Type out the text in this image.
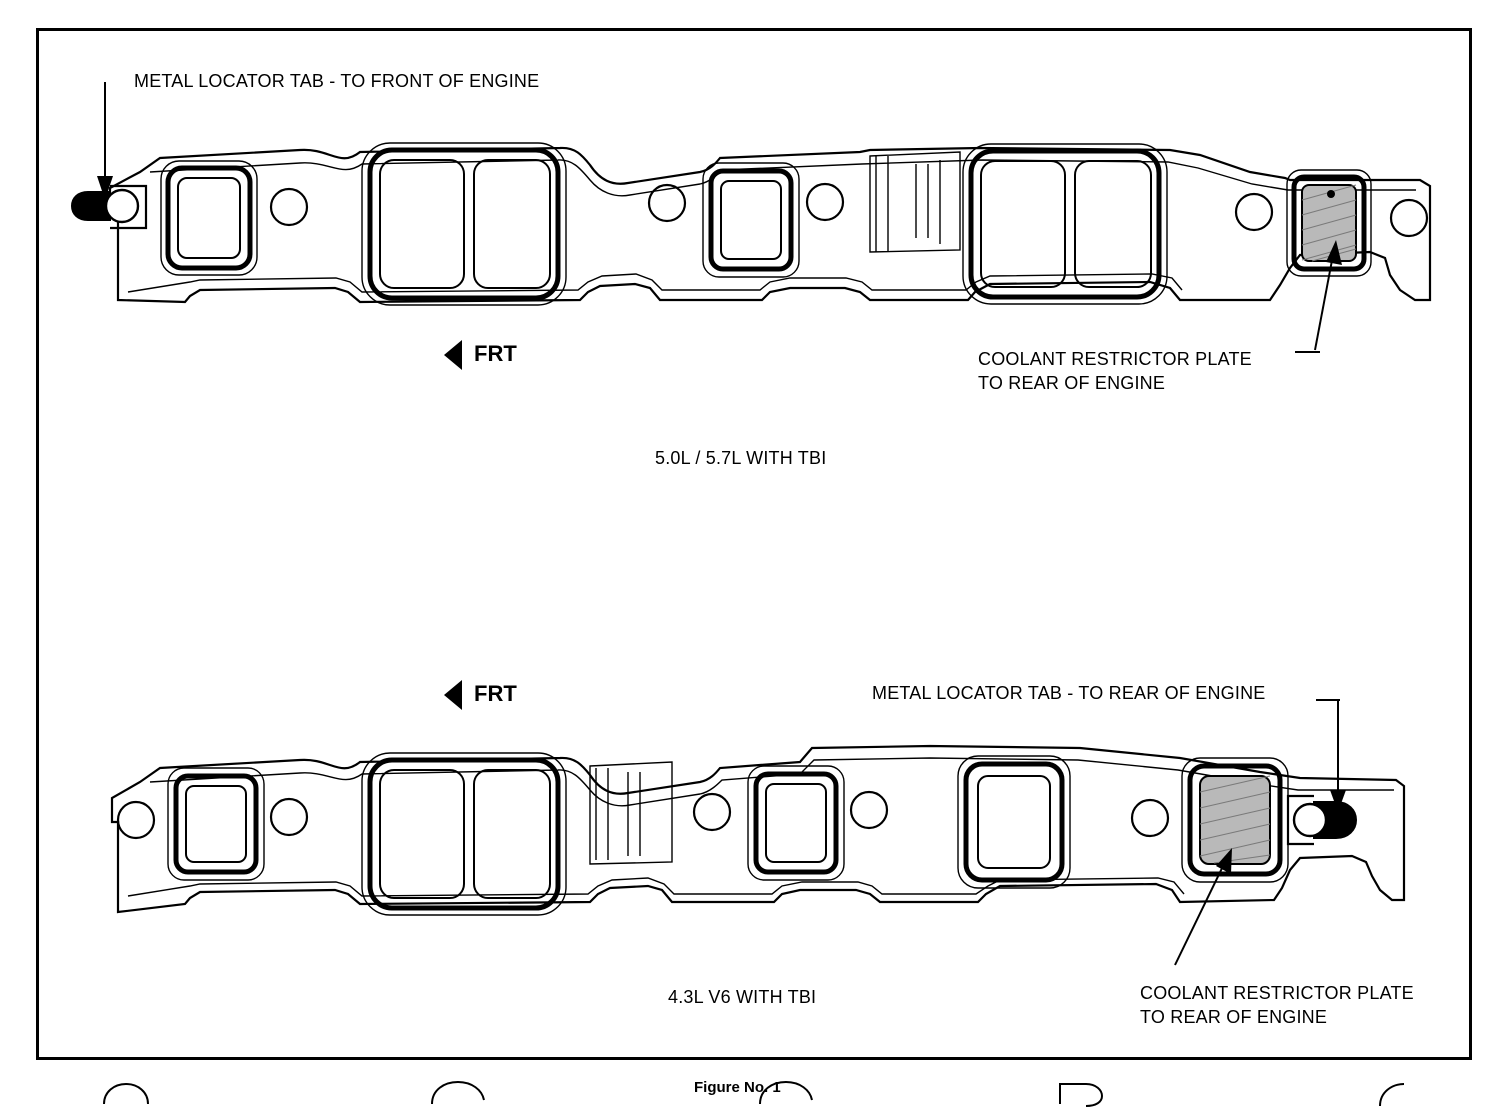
METAL LOCATOR TAB - TO FRONT OF ENGINE
FRT	COOLANT RESTRICTOR PLATE
TO REAR OF ENGINE
5.0L / 5.7L WITH TBI
FRT	METAL LOCATOR TAB - TO REAR OF ENGINE
4.3L V6 WITH TBI	COOLANT RESTRICTOR PLATE
TO REAR OF ENGINE
Figure No. 1
